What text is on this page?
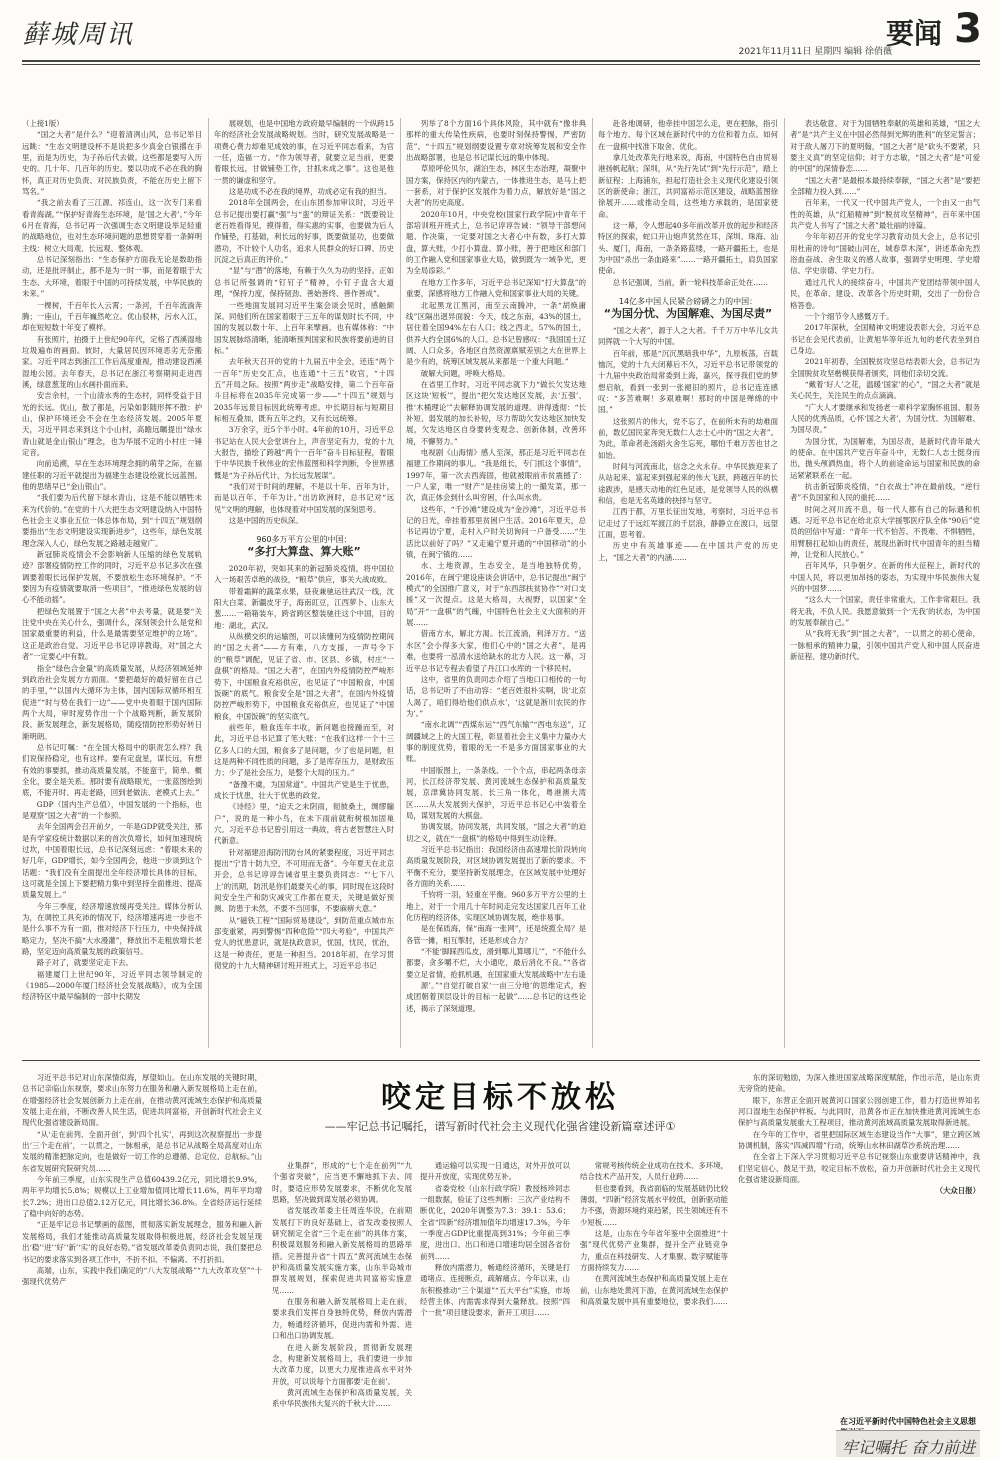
藓城周讯	要闻 3
2021年11月11日 星期四 编辑 徐俏薇

（上接1版）

“国之大者”是什么？”迎着清冽山风，总书记举目远眺：“生态文明建设杯不是说把多少真金白银撂在手里，而是为历史，为子孙后代去做。这些都是要写入历史的。几十年、几百年的历史。要以功成不必在我的胸怀，真正对历史负责、对民族负责，不能在历史上留下骂名。”

“我之前去看了三江源、祁连山，这一次专门来看看青海湖。”“保护好青海生态环境，是‘国之大者’。”今年6月在青海，总书记再一次强调生态文明建设举足轻重的战略地位，也对生态环境问题的思想贯穿着一条鲜明主线：树立大局观、长远观、整体观。

总书记深刻指出：“生态保护方面我无论是数助指动，还是批评制止，都不是为一时一事，而是着眼于大生态、大环境，着眼于中国的可持续发展，中华民族的未来。”

一棵树，千百年长入云霄；一条河，千百年流淌奔腾；一座山，千百年巍然屹立。优山驳林，污水入江，却在短短数十年变了模样。

有张照片，拍摄于上世纪90年代，定格了西溪湿地垃圾遍布的画面。彼时，大量居民因环境恶劣无奈搬家。习近平同志到浙江工作后高度重视，推动建设西溪湿地公园。去年春天，总书记在浙江考察期间走进西溪，绿意葱茏的山水画扑面而来。

安吉余村，一个山清水秀的生态村，同样受益于目光的长远。优山，散了都是，污染如影随形挥不散：护山，保护环境还会不会在生态经济发展。2005年夏天，习近平同志来到这个小山村，高瞻远瞩提出“绿水青山就是金山银山”理念，也为华展不定的小村庄一锤定音。

向前追溯，早在生态环境理念拥的萌芽之际，在福建任职的习近平就提出为福建生态建设绘就长远蓝图。他的思绪早已“金山银山”。

“我们要为后代留下绿水青山，这是不能以牺牲未来为代价的。”在党的十八大把生态文明建设纳入中国特色社会主义事业五位一体总体布局，到“十四五”规划纲要指出“生态文明建设实现新进步”，这些年，绿色发展理念深入人心，绿色发展之路越走越宽广。

新冠肺炎疫情会不会影响新人压缩的绿色发展轨迹？部署疫情防控工作的同时，习近平总书记多次在强调要着眼长远保护发展，不要放松生态环境保护。“不要因为有疫情就要取消一些项目”，“推进绿色发展的信心不能动摇”。

把绿色发展置于“国之大者”中去考量，就是要“关注党中央在关心什么，强调什么，深刻领会什么是党和国家最重要的利益，什么是最需要坚定维护的立场”。这正是政治自觉。习近平总书记谆谆教诲，对“国之大者”一定要心中有数。

指全“绿色合金量”的高质量发展，从经济领域延伸到政治社会发展方方面面。“要把最好的最好留在自己的手里，”“以国内大循环为主体，国内国际双循环相互促进”“时与势在我们一边”——党中央着眼于国内国际两个大局，审时度势作出一个个战略判断，新发展阶段、新发展理念，新发展格局，随疫情防控形势好转日渐明朗。

总书记叮嘱：“在全国大格局中的职责怎么样？我们说保持稳定，也有这样。要有定盘星，谋长远，有想有效的事要抓，推动高质量发展，不能蛮干，简单、概全化，要全是关系。那时要有战略眼光，一张蓝图绘到底，不能开时、再走老路，回到老做法、老模式上去。”

GDP（国内生产总值），中国发展的一个指标，也是观察“国之大者”的一个参照。

去年全国两会召开前夕，一年是GDP就受关注，那是有学家疫统计数据以来的首次负增长，如何加速现统过坎，中国着眼长远，总书记深刻远虑：“着眼未来的好几年，GDP增长，如今全国两会，他进一步谈到这个话题：“我们没有全面提出全年经济增长具体的目标，这可就是全国上下要把精力集中到坚持全面推进、提高质量发展上。”

今年三季度，经济增速放缓再受关注。媒体分析认为，在调控工具充沛的情况下，经济增速再进一步也不是什么事不为有一面，推对经济下行压力，中央保持战略定力，坚决不搞“大水漫灌”，释放出不走粗放增长老路，坚定迈向高质量发展的政策信号。

路子对了，就要坚定走下去。

福建厦门上世纪90年，习近平同志领导制定的《1985—2000年厦门经济社会发展战略》，成为全国经济特区中最早编制的一部中长期发

展规划，也是中国地方政府最早编制的一个纵跨15年的经济社会发展战略规划。当时，研究发展战略是一项费心费力却难见成效的事，在习近平同志看来，为官一任，造福一方。“作为领导者，就要立足当前，更要着眼长远，甘做铺垫工作，甘抓未成之事”。这也是他一贯的谦虚和坚守。

这是功成不必在我的境界，功成必定有我的担当。

2018年全国两会，在山东团参加审议时，习近平总书记提出要打赢“强”与“蛮”的辩证关系：“既要锐让老百姓看得见，摸得着，得实惠的实事，也要做为后人作铺垫，打基础，利长远的好事，既要做显功，也要做潜功，不计较个人功名，追求人民群众的好口碑、历史沉淀之后真正的评价。”

“显”与“潜”的落地，有赖于久久为功的坚持。正如总书记所强调的“钉钉子”精神，小钉子盘含大道理，“保持力度，保持韧劲、善始善终、善作善成”。

一些地面发展同习近平生案会谈会见时，感触颇深。同他们所在国家着眼于三五年的谋划时长不同，中国的发展以数十年、上百年来擘画。也有媒体称：“中国发展脉络清晰，能清晰预判国家和民族将要前进的目标。”

去年秋天召开的党的十九届五中全会，还连“两个一百年”历史交汇点，也连通“十三五”收官，“十四五”开局之际。按照“两步走”战略安排，第二个百年奋斗目标将在2035年完成第一步——“十四五”规划与2035年远景目标因此统筹考虑。中长期目标与短期目标相互叠加，既有五年之约，又有长远统筹。

3万余字，近5个半小时。4年前的10月，习近平总书记站在人民大会堂讲台上，声音坚定有力，党的十九大报告，描绘了跨越“两个一百年”奋斗目标征程，着眼于中华民族千秋伟业的宏伟蓝图和科学判断，令世界感慨是“为子孙后代计、为长远发展谋”。

“我们对于时间的理解，不是以十年、百年为计，而是以百年、千年为计。”出访欧洲时，总书记对“远见”文明的理解，也体现着对中国发展的深刻思考。

这是中国的历史纵深。

960多万平方公里的中国：
“多打大算盘、算大账”

2020年初，突如其来的新冠肺炎疫情，将中国拉入一场艰苦卓绝的战役，“粮草”供应，事关大战成败。

带着霜鲜的蔬菜水果，昼夜兼驰运往武汉一线，沈阳大白菜、新疆皮牙子，海南豇豆，江西萝卜、山东大葱……一箱箱装车，跨省跨区整装驰往这个中国，目的地：湖北，武汉。

从纵横交织的运输图，可以读懂何为疫情防控期间的“国之大者”——方有难，八方支援，一声号令下的“粮草”调配，见证了省、市、区县、乡镇，村庄“一盘棋”的格局。“国之大者”，在国内外疫情防控严峻形势下，中国粮食充裕供应，也见证了“中国粮食，中国饭碗”的底气。粮食安全是“国之大者”，在国内外疫情防控严峻形势下，中国粮食充裕供应，也见证了“中国粮食，中国饭碗”的坚实底气。

前些年，粮食连年丰收，新问题也接踵而至，对此，习近平总书记算了笔大账：“在我们这样一个十三亿多人口的大国，粮食多了是问题，少了也是问题，但这是两种不同性质的问题，多了是库存压力，是财政压力；少了是社会压力，是整个大局的压力。”

“备豫不虞，为国常道”。中国共产党是生于忧患，成长于忧患，壮大于忧患的政党。

《诗经》里，“迨天之未阴雨，彻彼桑土，绸缪牖户”，说的是一种小鸟，在未下雨前就衔树根加固巢穴。习近平总书记曾引用这一典故，将古老智慧注入时代新意。

针对福建沿海防汛防台风的紧要程度，习近平同志提出“宁肯十防九空，不可用而无备”。今年夏天在北京开会，总书记谆谆告诫省里主要负责同志：“‘七下八上’的汛期，防汛是你们最要关心的事，同时现在这段时间安全生产和防灾减灾工作都在夏天，关键是做好预测、防患于未然，不要不当回事，不要麻痹大意。”

从“磁铁工程”“国际贸易建设”，到防范重点城市东部变重紧，再到警惕“四种危险”“四大考验”，中国共产党人的忧患意识，就是执政意识，忧国，忧民，忧治，这是一种责任，更是一种担当。2018年初，在学习贯彻党的十九大精神研讨班开班式上，习近平总书记

列举了8个方面16个具体风险，其中就有“像非典那样的重大传染性疾病，也要时刻保持警惕，严密防范”。“十四五”规划纲要设置专章对统筹发展和安全作出战略部署，也是总书记谋长远的集中体现。

草原呼伦贝尔，湖泊生态，林区生态治理，凝聚中国方案，保持区内的内蒙古，一体推进生态，是马上把一套系，对于保护区发展作为着力点，解放好是“国之大者”的历史高度。

2020年10月，中央党校(国家行政学院)中青年干部培训班开班式上，总书记谆谆告诫：“领导干部想问题、作决策，一定要对国之大者心中有数，多打大算盘，算大账，少打小算盘、算小账，善于把地区和部门的工作融入党和国家事业大局，做到既为一域争光，更为全局添彩。”

在地方工作多年，习近平总书记深知“打大算盘”的重要，深感将地方工作融入党和国家事业大局的关键。

北起黑龙江黑河，南至云南腾冲，一条“胡焕庸线”区隔出迥异面貌：今天，线之东南，43%的国土，居住着全国94%左右人口；线之西北，57%的国土，供养大约全国6%的人口。总书记曾感叹：“我国国土辽阔、人口众多，各地区自然资源禀赋差别之大在世界上是少有的，统筹区域发展从来都是一个重大问题。”

破解大问题，呼唤大格局。

在省里工作时，习近平同志就下力“做长欠发达地区这块‘短板’”，提出“把欠发达地区发展，去‘五强’、推‘木桶理论’”去解释协调发展的道理。讲得透彻：“长补短、弱发展的加长补短，尽力帮助欠发达地区加快发展，欠发达地区自身要转变观念、创新体制，改善环境，不懈努力。”

电视剧《山海情》感人至深，那正是习近平同志在福建工作期间的事儿。“我是组长，专门抓这个事情”，1997年，第一次去西海固，他就被眼前赤贫震撼了：一户人家，唯一“财产”是挂房梁上的一撮发菜，那一次，真正体会到什么叫穷困，什么叫水贵。

这些年，“千沙滩”建设成为“金沙滩”，习近平总书记的日光，牵挂着那里贫困户生活。2016年夏天，总书记再访宁夏，走村入户时关切询问一户备受……“生活比以前好了吗？”又走遍宁夏开通的“中国移动”的小镇，在闽宁镇的……

水、土地资源，生态安全，是当地独特优势，2016年，在闽宁建设座谈会讲话中，总书记提出“闽宁模式”的全国推广意义，对于“东西部扶贫协作”“对口支援”又一次提点。这是大格局，大视野，以国家“全局”开“一盘棋”的气魄，中国特色社会主义大面积的开展……

借南方水，解北方渴。长江流淌，利泽万方。“送水区”会小得多大家，他们心中的“国之大者”，是再难，也要将一泓清水送给缺水的北方人民。这一幕，习近平总书记专程去看望了丹江口水库的一个移民村。

这中，省里的负责同志介绍了当地口口相传的一句话，总书记听了不由动容：“老百姓很朴实啊，说‘北京人渴了，咱们得给他们供点水’，‘这就是淅川农民的作为’。”

“南水北调”“西煤东运”“西气东输”“西电东送”，辽阔疆域之上的大国工程，彰显着社会主义集中力量办大事的制度优势，着眼的无一不是多方面国家事业的大账。

中国版图上，一条条线、一个个点，串起两条母亲河，长江经济带发展、黄河流域生态保护和高质量发展，京津冀协同发展、长三角一体化，粤港澳大湾区……从大发展到大保护，习近平总书记心中装着全局，谋划发展的大棋盘。

协调发展，协同发展，共同发展，“国之大者”的迫切之义，就在“一盘棋”的格局中得到生动诠释。

习近平总书记指出：我国经济由高速增长阶段转向高质量发展阶段，对区域协调发展提出了新的要求。不平衡不充分，要坚持新发展理念，在区域发展中处理好各方面的关系……

千钧将一羽，轻重在平衡。960多万平方公里的土地上，对于一个用几十年时间走完发达国家几百年工业化历程的经济体，实现区域协调发展，绝非易事。

是在保质海，保“南海一张网”，还是统揽全局？是各管一摊，相互掣肘，还是形成合力？

“不能‘脚踩西瓜皮，滑到哪儿算哪儿’”，“不能什么都要，贪多嚼不烂，大小通吃，最后消化不良。”“各省要立足省情，抢抓机遇，在国家重大发展战略中‘左右逢

源’。”“自觉打破自家‘一亩三分地’的思维定式，抱成团朝着顶层设计的目标一起做”……总书记的这些论述，揭示了深刻道理。

赴各地调研，他牵挂中国怎么走，更在把脉，指引每个地方、每个区域在新时代中的方位和着力点。如何在一盘棋中找准下取舍、优化。

拿几处改革先行地来说，海南，中国特色自由贸易港扬帆起航；深圳，从“先行先试”到“先行示范”，踏上新征程；上海浦东，担起打造社会主义现代化建设引领区的新使命；浙江，共同富裕示范区建设，战略蓝图徐徐展开……或推动全局，这些地方承载的，是国家使命。

这一幕，令人想起40多年前改革开放的起步和经济特区的探索，蛇口开山炮声犹然在耳，深圳、珠海、汕头、厦门，海南，一条条路蓝缕，一路开疆拓土，也是为中国“杀出一条血路来”……一路开疆拓土，肩负国家使命。

总书记强调，当前，新一轮科技革命正处在……

14亿多中国人民紧合磅礴之力的中国：
“为国分忧、为国解难、为国尽责”

“国之大者”，源于人之大者。千千万万中华儿女共同挥就一个大写的中国。

百年前，那是“沉沉黑暗我中华”，九原板荡，百载恤沉，党的十九大闭幕后不久，习近平总书记带领党的十九届中央政治局常委到上海，嘉兴，探寻我们党的梦想启航，看到一张到一张褪旧的照片，总书记连连感叹：“多苦难啊！多艰难啊！那时的中国是殚绵的中国。”

这张照片的伟大，党不忘了，在前所未有的劫难面前，数亿国民家奔突无数仁人志士心中的“国之大者”。为此，革命者赴汤蹈火舍生忘死，哪怕千难万苦也甘之如饴。

时间与河流南北，信念之火永存。中华民族迎来了从站起来、富起来到强起来的伟大飞跃，跨越百年的长途跋涉，是感天动地的红色足迹，是党领导人民的纵横和信，也是无名英雄的抉择与坚守。

江西于都，万里长征出发地，考察时，习近平总书记走过了于远红军渡江的千层浪，静静立在渡口，远望江面，思考着。

历史中有英雄事迹——在中国共产党的历史上，“国之大者”的内涵……

表达敬意。对于为国牺牲奉献的英雄和英雄，“国之大者”是“共产主义在中国必然得到光辉的胜利”的坚定誓言；对于敌人屠刀下的夏明翰，“国之大者”是“砍头不要紧，只要主义真”的坚定信仰；对于方志敏，“国之大者”是“可爱的中国”的深情眷恋……

“国之大者”是最根本最持续奉献，“国之大者”是“要把全部精力投入到……”

百年来，一代又一代中国共产党人，一个由又一由气性的英雄，从“红船精神”到“脱贫攻坚精神”，百年来中国共产党人书写了“国之大者”最壮丽的诗篇。

今年年初召开的党史学习教育动员大会上，总书记引用杜甫的诗句“国破山河在，城春草木深”，讲述革命先烈浴血奋战、舍生取义的感人故事，强调学史明理、学史增信、学史崇德、学史力行。

通过几代人的接续奋斗，中国共产党团结带领中国人民，在革命、建设、改革各个历史时期，交出了一份份合格答卷。

一个个细节令人感慨万千。

2017年深秋，全国精神文明建设表彰大会，习近平总书记在会见代表前，让黄旭华等年近九旬的老代表坐到自己身边。

2021年初春，全国脱贫攻坚总结表彰大会，总书记为全国脱贫攻坚楷模获得者颁奖，同他们亲切交流。

“戴着‘好人’之花，温暖‘国家’的心”，“国之大者”就是关心民生，关注民生的点点滴滴。

“广大人才要继承和发扬老一辈科学家胸怀祖国、服务人民的优秀品质，心怀‘国之大者’，为国分忧、为国解难、为国尽责。”

为国分忧，为国解难，为国尽责，是新时代青年最大的使命。在中国共产党百年奋斗中，无数仁人志士挺身而出，抛头颅洒热血，将个人的前途命运与国家和民族的命运紧紧联系在一起。

抗击新冠肺炎疫情，“白衣战士”冲在最前线，“逆行者”不负国家和人民的重托……

时间之河川流不息，每一代人都有自己的际遇和机遇。习近平总书记在给北京大学援鄂医疗队全体“90后”党员的回信中写道：“青年一代不怕苦、不畏难、不惧牺牲，用臂膀扛起如山的责任，展现出新时代中国青年的担当精神，让党和人民放心。”

百年风华，只争朝夕。在新的伟大征程上，新时代的中国人民，将以更加昂扬的姿态，为实现中华民族伟大复兴的中国梦……

“这么大一个国家，责任非常重大，工作非常艰巨。我将无我，不负人民。我愿意做到一个‘无我’的状态，为中国的发展奉献自己。”

从“我将无我”到“国之大者”，一以贯之的初心使命，一脉相承的精神力量，引领中国共产党人和中国人民奋进新征程、建功新时代。

咬定目标不放松
——牢记总书记嘱托，谱写新时代社会主义现代化强省建设新篇章述评①

习近平总书记对山东深情似海，厚望如山。在山东发展的关键时期，总书记亲临山东视察，要求山东努力在服务和融入新发展格局上走在前，在增强经济社会发展创新力上走在前，在推动黄河流域生态保护和高质量发展上走在前，不断改善人民生活，促进共同富裕，开创新时代社会主义现代化强省建设新局面。

“从‘走在前列、全面开创’，到‘四个扎实’，再到这次视察提出一步提出‘三个走在前’，一以贯之，一脉相承，是总书记从战略全局高度对山东发展的精准把脉定向，也是做好一切工作的总遵循、总定位、总航标。”山东省发展研究院研究员……

今年前三季度，山东实现生产总值60439.2亿元，同比增长9.9%，两年平均增长5.8%；规模以上工业增加值同比增长11.6%，两年平均增长7.2%；进出口总值2.12万亿元，同比增长36.8%。全省经济运行延续了稳中向好的态势。

“正是牢记总书记擘画的蓝图，贯彻落实新发展理念，服务和融入新发展格局，我们才能推动高质量发展取得积极进展，经济社会发展呈现出‘稳’‘进’‘好’‘新’‘实’的良好态势。”省发展改革委负责同志说，我们要把总书记的要求落实到各项工作中，不折不扣、不偏离、不打折扣。

高端，山东，实践中我们确定的“八大发展战略”“九大改革攻坚”“十强现代优势产

业集群”，形成的“七个走在前列”“九个强省突破”，应当更不懈地抓下去。同时，要适应形势发展要求，不断优化发展思路，坚决做到谋发展必须协调。

省发展改革委主任周连华说，在前期发展打下的良好基础上，省发改委按照人研究制定全省“三个走在前”的具体方案，积极谋划服务和融入新发展格局的思路举措。完善提升省“十四五”黄河流域生态保护和高质量发展实施方案，山东半岛城市群发展规划，探索促进共同富裕实施意见……

在服务和融入新发展格局上走在前，要求我们发挥自身独特优势，释放内需潜力，畅通经济循环，促进内需和外需、进口和出口协调发展。

在进入新发展阶段，贯彻新发展理念，构建新发展格局上，我们要进一步加大改革力度，以更大力度推进高水平对外开放，可以说每个方面都要‘走在前’。

黄河流域生态保护和高质量发展，关系中华民族伟大复兴的千秋大计……

通运输可以实现一日通达，对外开放可以提升开放度，实现优势互补。

省委党校（山东行政学院）教授杨珍同志一组数据，验证了这些判断：三次产业结构不断优化，2020年调整为7.3：39.1：53.6；全省“四新”经济增加值年均增速17.3%，今年一季度占GDP比重提高到31%；今年前三季度，进出口、出口和进口增速均居全国各省份前列……

释放内需潜力，畅通经济循环，关键是打通堵点、连接断点，疏解痛点。今年以来，山东积极推动“三个渠道”“五大平台”实施，市场经营主体、内需需求得到大量释放。按照“四个一批”项目建设要求，新开工项目……

常规考核传统企业成功在技术、多环境，结合技术产品开发，人员行业跨……

但也要看到，我省面临的发展基础仍比较薄弱，“四新”经济发展水平较低，创新驱动能力不强，资源环境约束趋紧，民生领域还有不少短板……

这是，山东在今年省年鉴中全面推进“十强”现代优势产业集群，提升全产业链竞争力，重点在科技研发、人才集聚、数字赋能等方面持续发力……

在黄河流域生态保护和高质量发展上走在前，山东地处黄河下游，在黄河流域生态保护和高质量发展中具有重要地位，要求我们……

东的深切勉励，为深入推进国家战略深度赋能，作出示范，是山东责无旁贷的使命。

眼下，东营正全面开展黄河口国家公园创建工作，着力打造世界知名河口湿地生态保护样板。与此同时，沿黄各市正在加快推进黄河流域生态保护与高质量发展重大工程项目，推动黄河流域高质量发展取得新进展。

在今年的工作中，省里把国际区域生态建设当作“大事”，建立跨区域协调机制，落实“四减四增”行动，统筹山水林田湖草沙系统治理……

在全省上下深入学习贯彻习近平总书记视察山东重要讲话精神中，我们坚定信心、鼓足干劲，咬定目标不放松，奋力开创新时代社会主义现代化强省建设新局面。

（大众日报）

在习近平新时代中国特色社会主义思想
牢记嘱托 奋力前进
